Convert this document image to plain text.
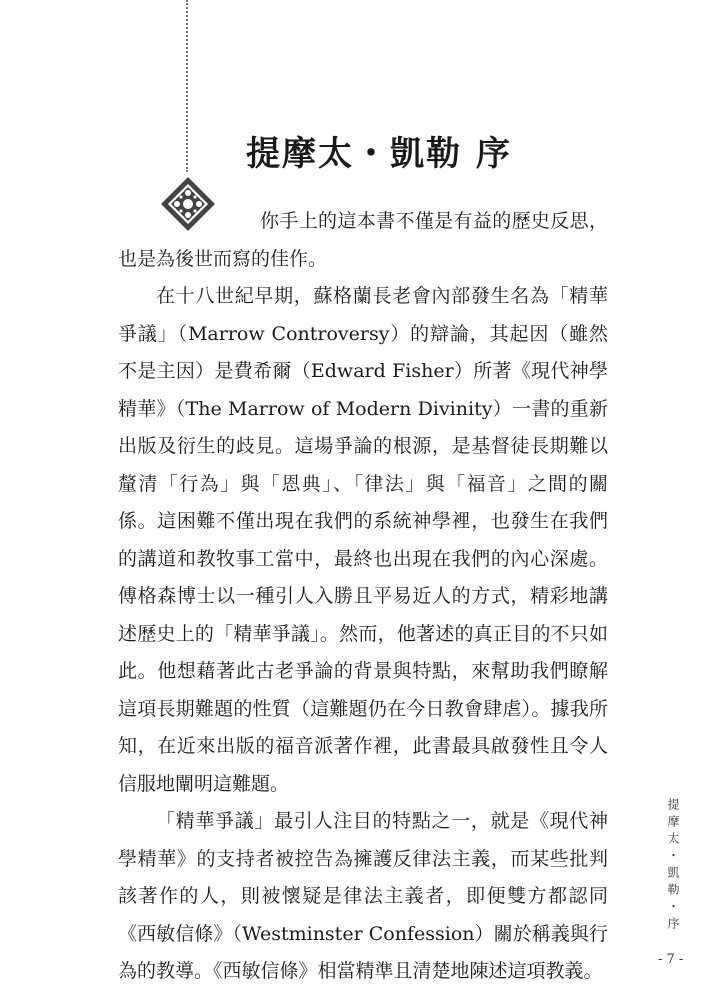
提摩太・凱勒 序

你手上的這本書不僅是有益的歷史反思，也是為後世而寫的佳作。

在十八世紀早期，蘇格蘭長老會內部發生名為「精華爭議」（Marrow Controversy）的辯論，其起因（雖然不是主因）是費希爾（Edward Fisher）所著《現代神學精華》（The Marrow of Modern Divinity）一書的重新出版及衍生的歧見。這場爭論的根源，是基督徒長期難以釐清「行為」與「恩典」、「律法」與「福音」之間的關係。這困難不僅出現在我們的系統神學裡，也發生在我們的講道和教牧事工當中，最終也出現在我們的內心深處。傅格森博士以一種引人入勝且平易近人的方式，精彩地講述歷史上的「精華爭議」。然而，他著述的真正目的不只如此。他想藉著此古老爭論的背景與特點，來幫助我們瞭解這項長期難題的性質（這難題仍在今日教會肆虐）。據我所知，在近來出版的福音派著作裡，此書最具啟發性且令人信服地闡明這難題。

「精華爭議」最引人注目的特點之一，就是《現代神學精華》的支持者被控告為擁護反律法主義，而某些批判該著作的人，則被懷疑是律法主義者，即便雙方都認同《西敏信條》（Westminster Confession）關於稱義與行為的教導。《西敏信條》相當精準且清楚地陳述這項教義。

提摩太・凱勒・序
- 7 -
